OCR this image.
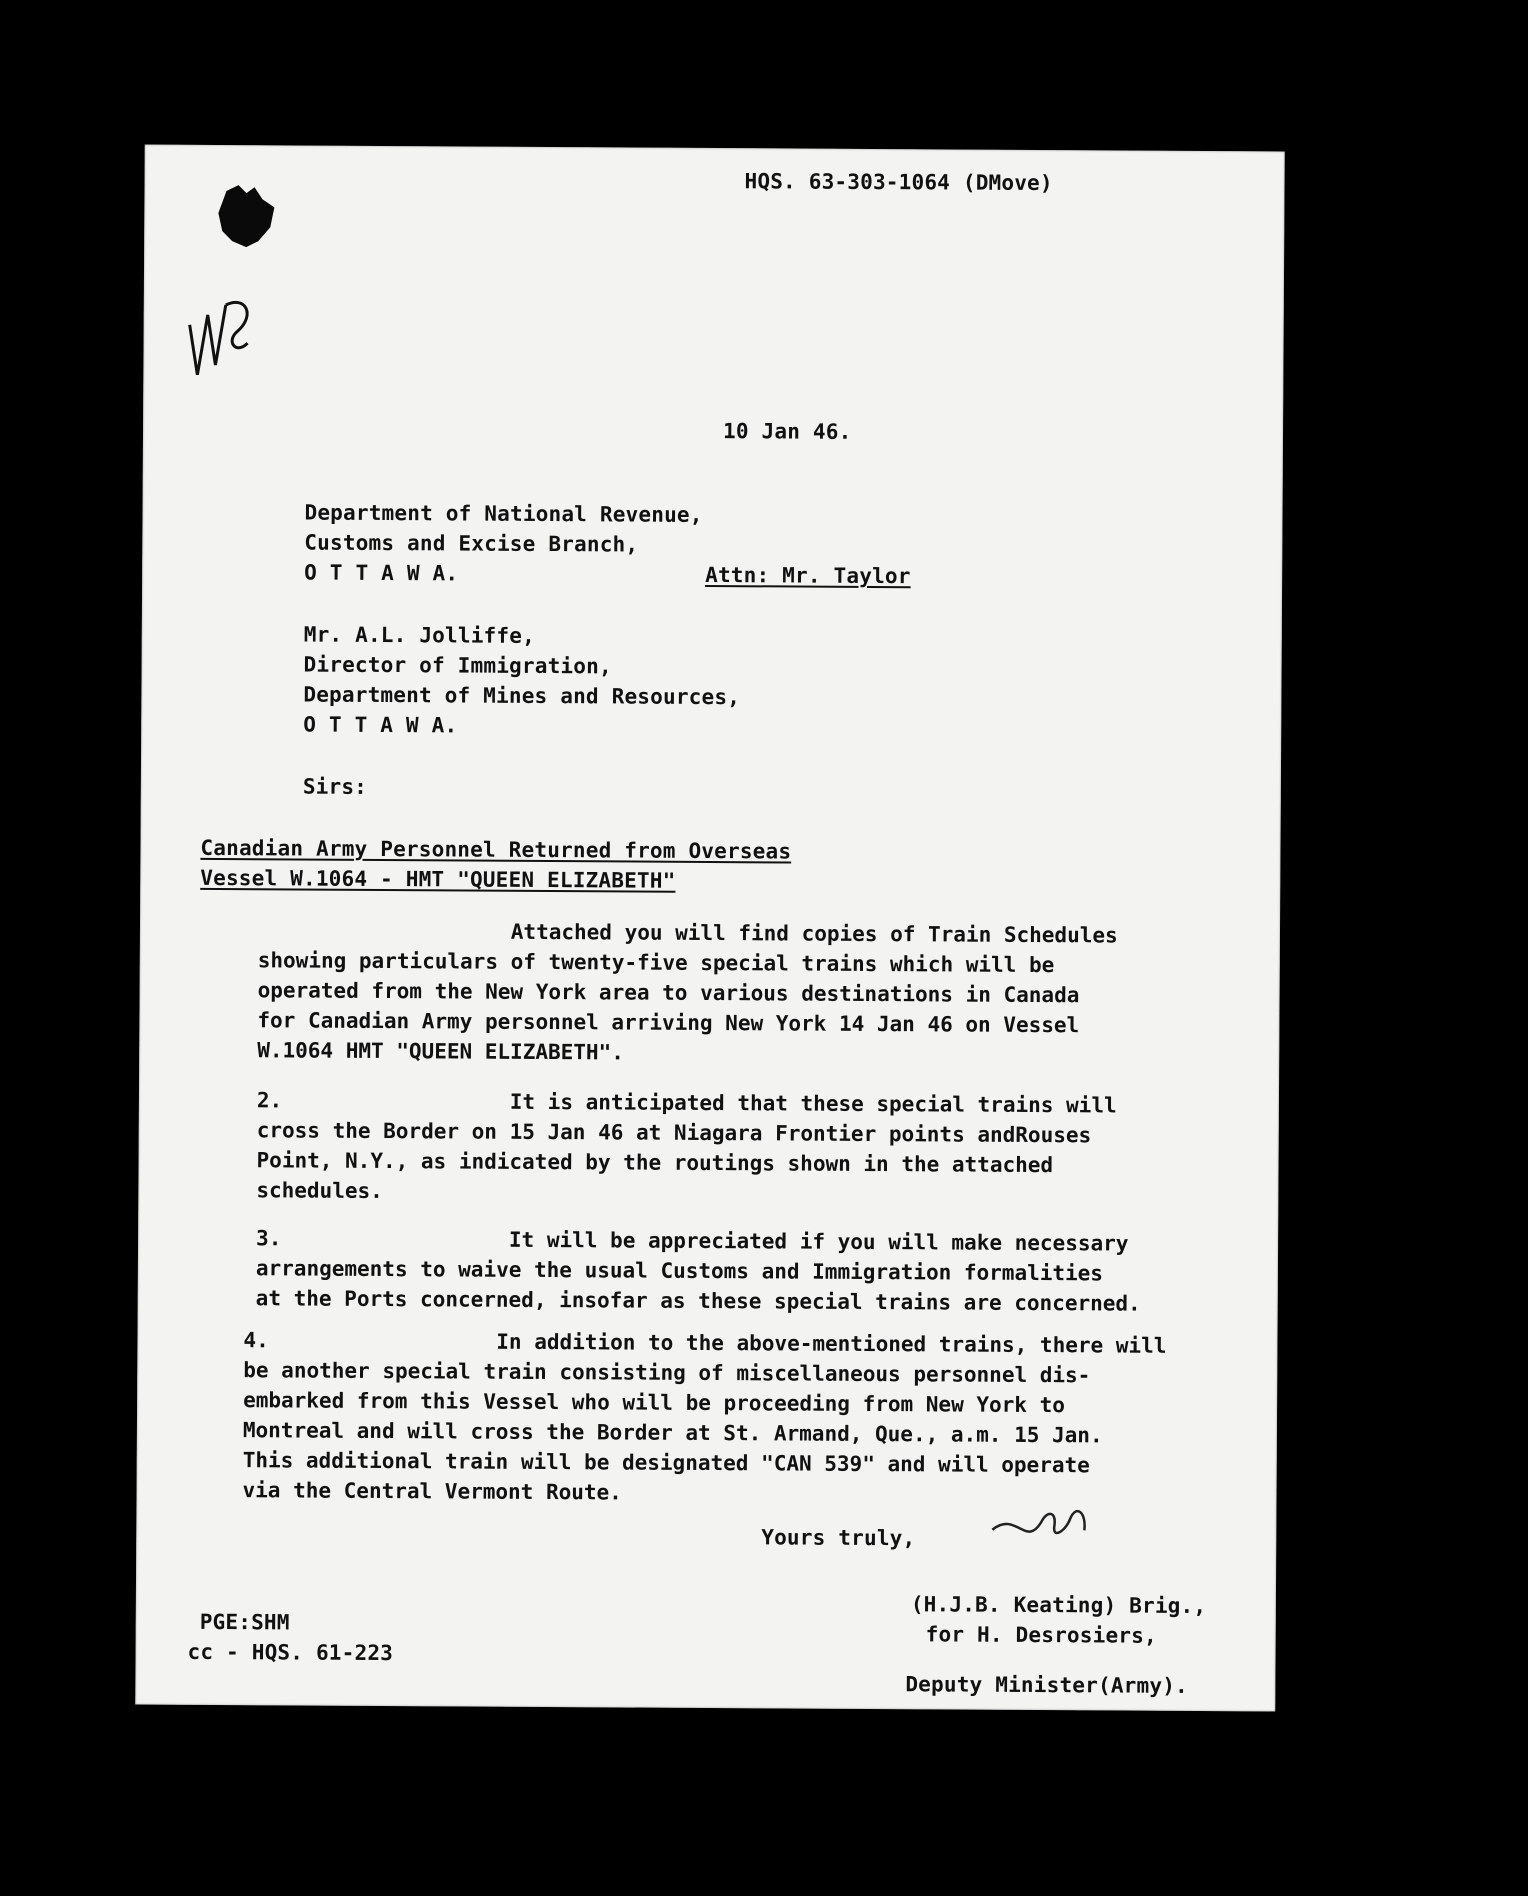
HQS. 63-303-1064 (DMove)
10 Jan 46.
Department of National Revenue,
Customs and Excise Branch,
O T T A W A.	Attn: Mr. Taylor
Mr. A.L. Jolliffe,
Director of Immigration,
Department of Mines and Resources,
O T T A W A.
Sirs:
Canadian Army Personnel Returned from Overseas
Vessel W.1064 - HMT "QUEEN ELIZABETH"
Attached you will find copies of Train Schedules
showing particulars of twenty-five special trains which will be
operated from the New York area to various destinations in Canada
for Canadian Army personnel arriving New York 14 Jan 46 on Vessel
W.1064 HMT "QUEEN ELIZABETH".
2.                  It is anticipated that these special trains will
cross the Border on 15 Jan 46 at Niagara Frontier points andRouses
Point, N.Y., as indicated by the routings shown in the attached
schedules.
3.                  It will be appreciated if you will make necessary
arrangements to waive the usual Customs and Immigration formalities
at the Ports concerned, insofar as these special trains are concerned.
4.                  In addition to the above-mentioned trains, there will
be another special train consisting of miscellaneous personnel dis-
embarked from this Vessel who will be proceeding from New York to
Montreal and will cross the Border at St. Armand, Que., a.m. 15 Jan.
This additional train will be designated "CAN 539" and will operate
via the Central Vermont Route.
Yours truly,
(H.J.B. Keating) Brig.,
for H. Desrosiers,
Deputy Minister(Army).
PGE:SHM
cc - HQS. 61-223
